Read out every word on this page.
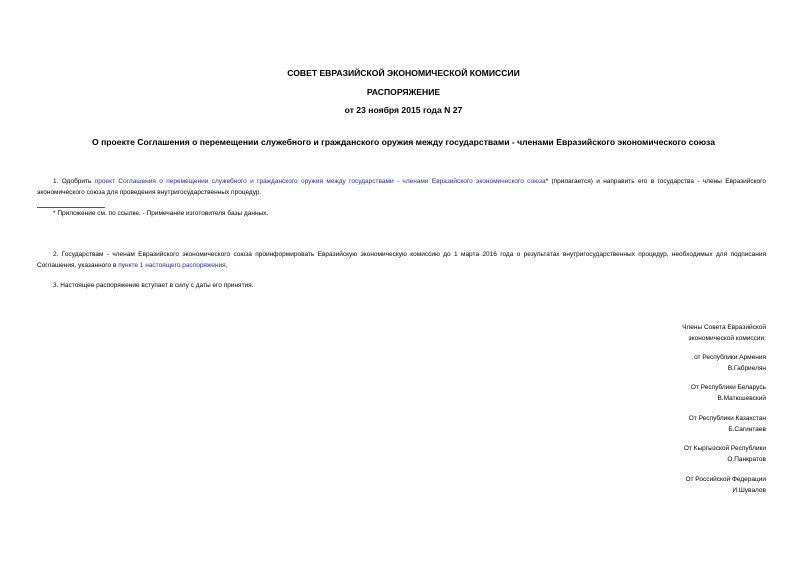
СОВЕТ ЕВРАЗИЙСКОЙ ЭКОНОМИЧЕСКОЙ КОМИССИИ
РАСПОРЯЖЕНИЕ
от 23 ноября 2015 года N 27
О проекте Соглашения о перемещении служебного и гражданского оружия между государствами - членами Евразийского экономического союза
1. Одобрить проект Соглашения о перемещении служебного и гражданского оружия между государствами - членами Евразийского экономического союза* (прилагается) и направить его в государства - члены Евразийского экономического союза для проведения внутригосударственных процедур.
* Приложение см. по ссылке. - Примечание изготовителя базы данных.
2. Государствам - членам Евразийского экономического союза проинформировать Евразийскую экономическую комиссию до 1 марта 2016 года о результатах внутригосударственных процедур, необходимых для подписания Соглашения, указанного в пункте 1 настоящего распоряжения.
3. Настоящее распоряжение вступает в силу с даты его принятия.
Члены Совета Евразийской
экономической комиссии:
от Республики Армения
В.Габриелян
От Республики Беларусь
В.Матюшевский
От Республики Казахстан
Б.Сагинтаев
От Кыргызской Республики
О.Панкратов
От Российской Федерации
И.Шувалов
